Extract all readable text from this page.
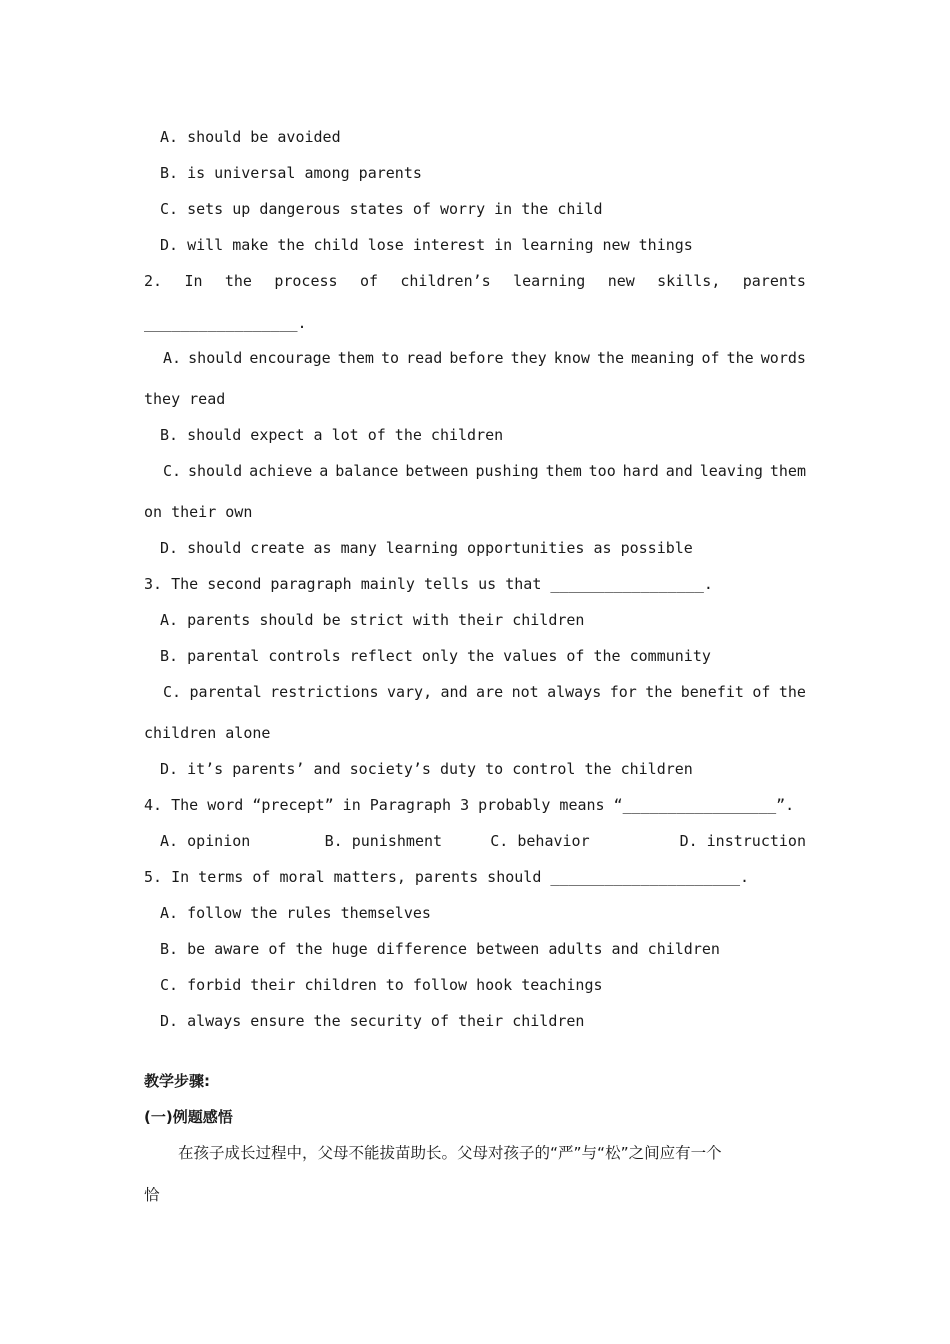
A. should be avoided

B. is universal among parents

C. sets up dangerous states of worry in the child

D. will make the child lose interest in learning new things

2. In the process of children’s learning new skills, parents

_________________.

A. should encourage them to read before they know the meaning of the words

they read

B. should expect a lot of the children

C. should achieve a balance between pushing them too hard and leaving them

on their own

D. should create as many learning opportunities as possible

3. The second paragraph mainly tells us that _________________.

A. parents should be strict with their children

B. parental controls reflect only the values of the community

C. parental restrictions vary, and are not always for the benefit of the

children alone

D. it’s parents’ and society’s duty to control the children

4. The word “precept” in Paragraph 3 probably means “_________________”.

A. opinion	B. punishment	C. behavior	D. instruction

5. In terms of moral matters, parents should _____________________.

A. follow the rules themselves

B. be aware of the huge difference between adults and children

C. forbid their children to follow hook teachings

D. always ensure the security of their children

教学步骤:

(一)例题感悟

在孩子成长过程中，父母不能拔苗助长。父母对孩子的“严”与“松”之间应有一个

恰
